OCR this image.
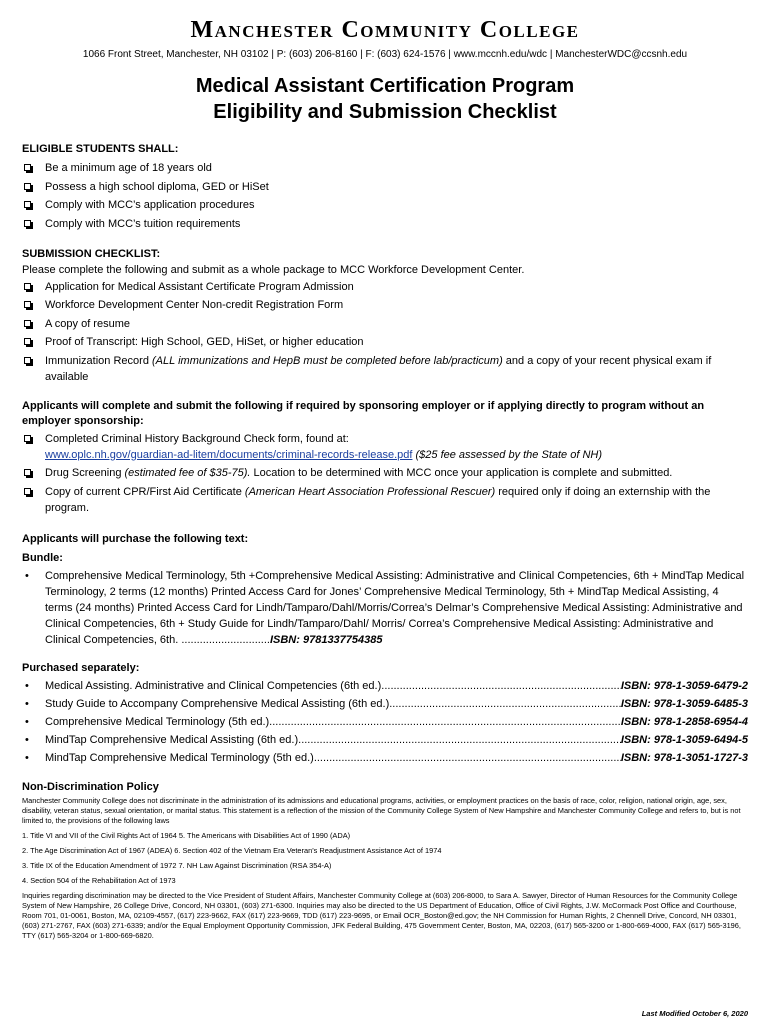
Manchester Community College
1066 Front Street, Manchester, NH 03102 | P: (603) 206-8160 | F: (603) 624-1576 | www.mccnh.edu/wdc | ManchesterWDC@ccsnh.edu
Medical Assistant Certification Program
Eligibility and Submission Checklist
ELIGIBLE STUDENTS SHALL:
Be a minimum age of 18 years old
Possess a high school diploma, GED or HiSet
Comply with MCC’s application procedures
Comply with MCC’s tuition requirements
SUBMISSION CHECKLIST:
Please complete the following and submit as a whole package to MCC Workforce Development Center.
Application for Medical Assistant Certificate Program Admission
Workforce Development Center Non-credit Registration Form
A copy of resume
Proof of Transcript: High School, GED, HiSet, or higher education
Immunization Record (ALL immunizations and HepB must be completed before lab/practicum) and a copy of your recent physical exam if available
Applicants will complete and submit the following if required by sponsoring employer or if applying directly to program without an employer sponsorship:
Completed Criminal History Background Check form, found at:
www.oplc.nh.gov/guardian-ad-litem/documents/criminal-records-release.pdf ($25 fee assessed by the State of NH)
Drug Screening (estimated fee of $35-75). Location to be determined with MCC once your application is complete and submitted.
Copy of current CPR/First Aid Certificate (American Heart Association Professional Rescuer) required only if doing an externship with the program.
Applicants will purchase the following text:
Bundle:
• Comprehensive Medical Terminology, 5th +Comprehensive Medical Assisting: Administrative and Clinical Competencies, 6th + MindTap Medical Terminology, 2 terms (12 months) Printed Access Card for Jones’ Comprehensive Medical Terminology, 5th + MindTap Medical Assisting, 4 terms (24 months) Printed Access Card for Lindh/Tamparo/Dahl/Morris/Correa’s Delmar’s Comprehensive Medical Assisting: Administrative and Clinical Competencies, 6th + Study Guide for Lindh/Tamparo/Dahl/ Morris/ Correa’s Comprehensive Medical Assisting: Administrative and Clinical Competencies, 6th. .............................ISBN: 9781337754385
Purchased separately:
• Medical Assisting. Administrative and Clinical Competencies (6th ed.). .....	ISBN: 978-1-3059-6479-2
• Study Guide to Accompany Comprehensive Medical Assisting (6th ed.). .....	ISBN: 978-1-3059-6485-3
• Comprehensive Medical Terminology (5th ed.). .....	ISBN: 978-1-2858-6954-4
• MindTap Comprehensive Medical Assisting (6th ed.). .....	ISBN: 978-1-3059-6494-5
• MindTap Comprehensive Medical Terminology (5th ed.). .....	ISBN: 978-1-3051-1727-3
Non-Discrimination Policy

Manchester Community College does not discriminate in the administration of its admissions and educational programs, activities, or employment practices on the basis of race, color, religion, national origin, age, sex, disability, veteran status, sexual orientation, or marital status. This statement is a reflection of the mission of the Community College System of New Hampshire and Manchester Community College and refers to, but is not limited to, the provisions of the following laws

1. Title VI and VII of the Civil Rights Act of 1964 5. The Americans with Disabilities Act of 1990 (ADA)

2. The Age Discrimination Act of 1967 (ADEA) 6. Section 402 of the Vietnam Era Veteran’s Readjustment Assistance Act of 1974

3. Title IX of the Education Amendment of 1972 7. NH Law Against Discrimination (RSA 354-A)

4. Section 504 of the Rehabilitation Act of 1973

Inquiries regarding discrimination may be directed to the Vice President of Student Affairs, Manchester Community College at (603) 206-8000, to Sara A. Sawyer, Director of Human Resources for the Community College System of New Hampshire, 26 College Drive, Concord, NH 03301, (603) 271-6300. Inquiries may also be directed to the US Department of Education, Office of Civil Rights, J.W. McCormack Post Office and Courthouse, Room 701, 01-0061, Boston, MA, 02109-4557, (617) 223-9662, FAX (617) 223-9669, TDD (617) 223-9695, or Email OCR_Boston@ed.gov; the NH Commission for Human Rights, 2 Chennell Drive, Concord, NH 03301, (603) 271-2767, FAX (603) 271-6339; and/or the Equal Employment Opportunity Commission, JFK Federal Building, 475 Government Center, Boston, MA, 02203, (617) 565-3200 or 1-800-669-4000, FAX (617) 565-3196, TTY (617) 565-3204 or 1-800-669-6820.

Last Modified October 6, 2020
